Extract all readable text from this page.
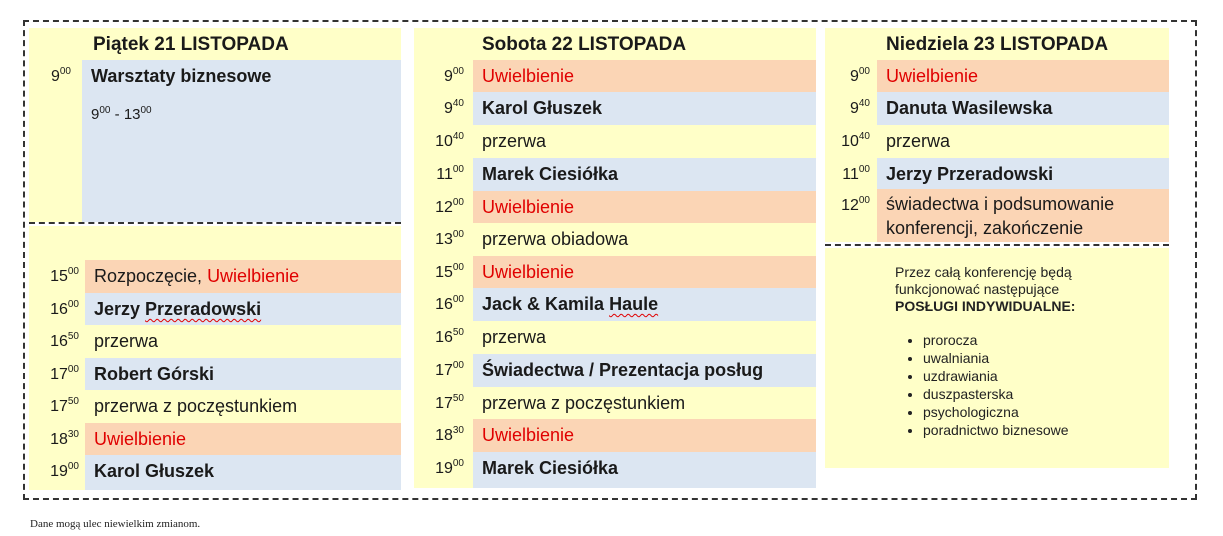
Piątek 21 LISTOPADA
$9^{00}$ Warsztaty biznesowe
$9^{00} - 13^{00}$
$15^{00}$ Rozpoczęcie, Uwielbienie
$16^{00}$ Jerzy Przeradowski
$16^{50}$ przerwa
$17^{00}$ Robert Górski
$17^{50}$ przerwa z poczęstunkiem
$18^{30}$ Uwielbienie
$19^{00}$ Karol Głuszek
Sobota 22 LISTOPADA
$9^{00}$ Uwielbienie
$9^{40}$ Karol Głuszek
$10^{40}$ przerwa
$11^{00}$ Marek Ciesiółka
$12^{00}$ Uwielbienie
$13^{00}$ przerwa obiadowa
$15^{00}$ Uwielbienie
$16^{00}$ Jack & Kamila Haule
$16^{50}$ przerwa
$17^{00}$ Świadectwa / Prezentacja posług
$17^{50}$ przerwa z poczęstunkiem
$18^{30}$ Uwielbienie
$19^{00}$ Marek Ciesiółka
Niedziela 23 LISTOPADA
$9^{00}$ Uwielbienie
$9^{40}$ Danuta Wasilewska
$10^{40}$ przerwa
$11^{00}$ Jerzy Przeradowski
$12^{00}$ świadectwa i podsumowanie
konferencji, zakończenie
Przez całą konferencję będą
funkcjonować następujące
POSŁUGI INDYWIDUALNE:
• prorocza
• uwalniania
• uzdrawiania
• duszpasterska
• psychologiczna
• poradnictwo biznesowe
Dane mogą ulec niewielkim zmianom.
